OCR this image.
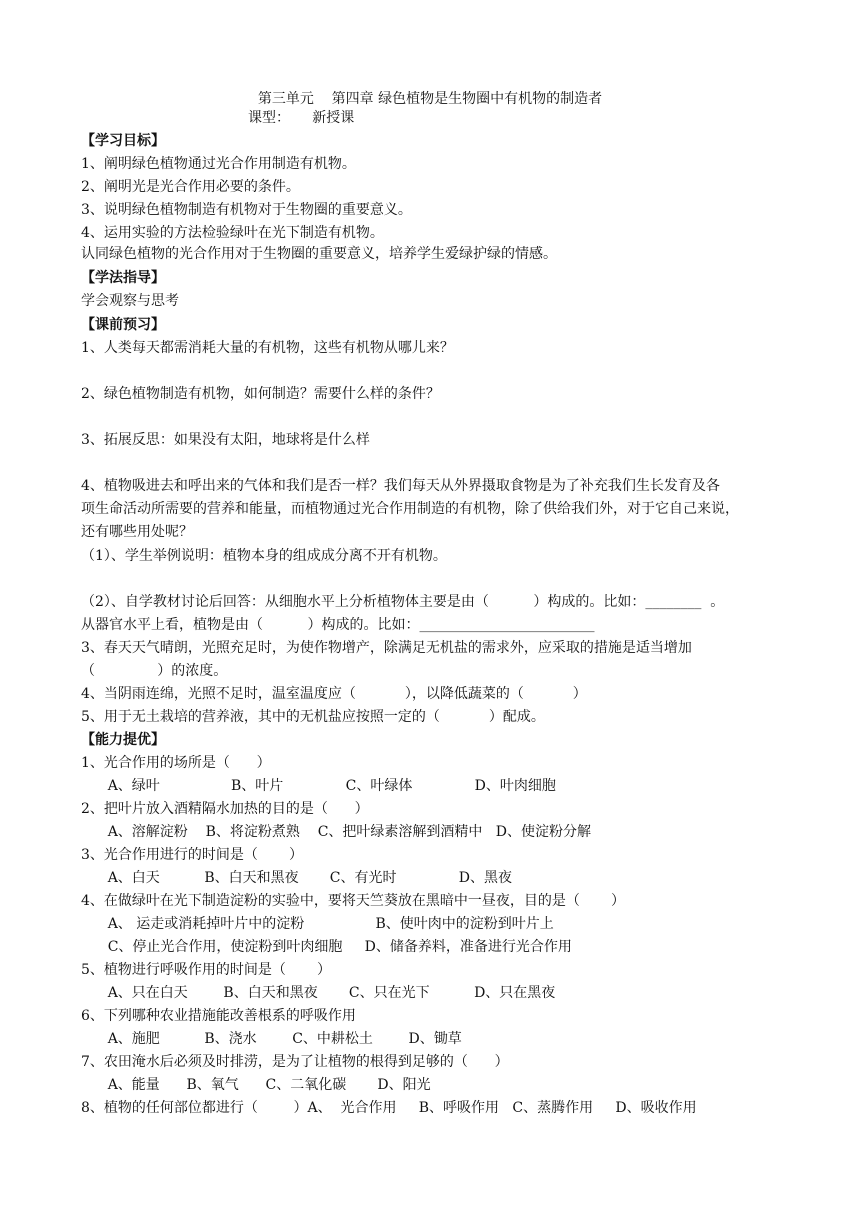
第三单元    第四章 绿色植物是生物圈中有机物的制造者
课型：     新授课
【学习目标】
1、阐明绿色植物通过光合作用制造有机物。
2、阐明光是光合作用必要的条件。
3、说明绿色植物制造有机物对于生物圈的重要意义。
4、运用实验的方法检验绿叶在光下制造有机物。
认同绿色植物的光合作用对于生物圈的重要意义，培养学生爱绿护绿的情感。
【学法指导】
学会观察与思考
【课前预习】
1、人类每天都需消耗大量的有机物，这些有机物从哪儿来？
2、绿色植物制造有机物，如何制造？需要什么样的条件？
3、拓展反思：如果没有太阳，地球将是什么样
4、植物吸进去和呼出来的气体和我们是否一样？我们每天从外界摄取食物是为了补充我们生长发育及各
项生命活动所需要的营养和能量，而植物通过光合作用制造的有机物，除了供给我们外，对于它自己来说，
还有哪些用处呢？
（1）、学生举例说明：植物本身的组成成分离不开有机物。
（2）、自学教材讨论后回答：从细胞水平上分析植物体主要是由（          ）构成的。比如：________  。
从器官水平上看，植物是由（          ）构成的。比如：_________________________
3、春天天气晴朗，光照充足时，为使作物增产，除满足无机盐的需求外，应采取的措施是适当增加
（              ）的浓度。
4、当阴雨连绵，光照不足时，温室温度应（           ），以降低蔬菜的（           ）
5、用于无土栽培的营养液，其中的无机盐应按照一定的（           ）配成。
【能力提优】
1、光合作用的场所是（      ）
A、绿叶                B、叶片              C、叶绿体              D、叶肉细胞
2、把叶片放入酒精隔水加热的目的是（      ）
A、溶解淀粉    B、将淀粉煮熟    C、把叶绿素溶解到酒精中   D、使淀粉分解
3、光合作用进行的时间是（       ）
A、白天          B、白天和黑夜       C、有光时              D、黑夜
4、在做绿叶在光下制造淀粉的实验中，要将天竺葵放在黑暗中一昼夜，目的是（       ）
A、 运走或消耗掉叶片中的淀粉                B、使叶肉中的淀粉到叶片上
C、停止光合作用，使淀粉到叶肉细胞     D、储备养料，准备进行光合作用
5、植物进行呼吸作用的时间是（       ）
A、只在白天        B、白天和黑夜       C、只在光下          D、只在黑夜
6、下列哪种农业措施能改善根系的呼吸作用
A、施肥          B、浇水        C、中耕松土        D、锄草
7、农田淹水后必须及时排涝，是为了让植物的根得到足够的（      ）
A、能量      B、氧气      C、二氧化碳       D、阳光
8、植物的任何部位都进行（        ）A、  光合作用     B、呼吸作用   C、蒸腾作用     D、吸收作用
